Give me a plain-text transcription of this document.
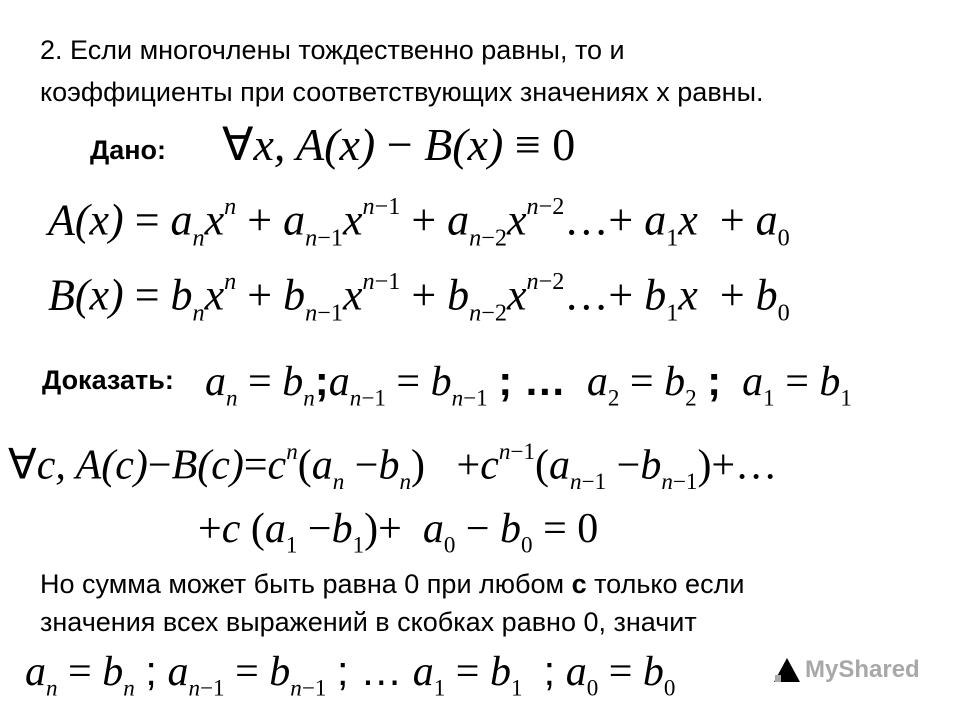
2. Если многочлены тождественно равны, то и
коэффициенты при соответствующих значениях х равны.
Дано: ∀x, A(x) − B(x) ≡ 0
$A(x) = a_nx^n + a_{n-1}x^{n-1}$ + $a_{n-2}x^{n-2}\dots+ a_1x + a_0$
$B(x) = b_nx^n + b_{n-1}x^{n-1}$ + $b_{n-2}x^{n-2}\dots+ b_1x + b_0$
Доказать: $a_n$ = $b_n;a_{n-1} = b_{n-1}$ ; …  $a_2 = b_2$ ;  $a_1 = b_1$
∀c, $A(c)-B(c)=c^n(a_n -b_n) +c^{n-1}(a_{n-1}$ $-b_{n-1})+\dots$
+c $(a_1 -b_1)+ a_0 - b_0 = 0$
Но сумма может быть равна 0 при любом с только если
значения всех выражений в скобках равно 0, значит
$a_n = b_n$ ; $a_{n-1} = b_{n-1}$ ; … $a_1 = b_1$ ; $a_0 = b_0$
MyShared
